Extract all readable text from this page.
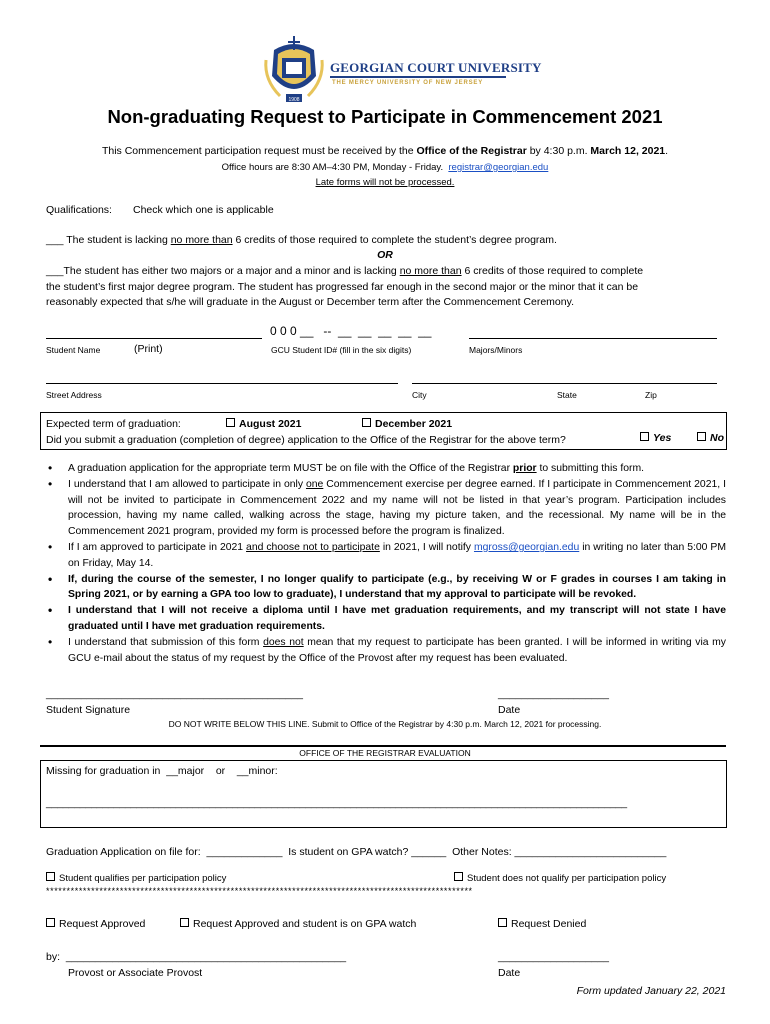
1908
GEORGIAN COURT UNIVERSITY
THE MERCY UNIVERSITY OF NEW JERSEY
Non-graduating Request to Participate in Commencement 2021
This Commencement participation request must be received by the Office of the Registrar by 4:30 p.m. March 12, 2021.
Office hours are 8:30 AM–4:30 PM, Monday - Friday. registrar@georgian.edu
Late forms will not be processed.
Qualifications: Check which one is applicable
___ The student is lacking no more than 6 credits of those required to complete the student’s degree program.
OR
___The student has either two majors or a major and a minor and is lacking no more than 6 credits of those required to complete
the student’s first major degree program. The student has progressed far enough in the second major or the minor that it can be
reasonably expected that s/he will graduate in the August or December term after the Commencement Ceremony.
0 0 0 __   --  __  __  __  __  __
Student Name	(Print)	GCU Student ID# (fill in the six digits)	Majors/Minors
Street Address	City	State	Zip
Expected term of graduation:	August 2021	December 2021
Did you submit a graduation (completion of degree) application to the Office of the Registrar for the above term?	Yes	No
• A graduation application for the appropriate term MUST be on file with the Office of the Registrar prior to submitting this form.
• I understand that I am allowed to participate in only one Commencement exercise per degree earned. If I participate in Commencement 2021, I will not be invited to participate in Commencement 2022 and my name will not be listed in that year’s program. Participation includes procession, having my name called, walking across the stage, having my picture taken, and the recessional. My name will be in the Commencement 2021 program, provided my form is processed before the program is finalized.
• If I am approved to participate in 2021 and choose not to participate in 2021, I will notify mgross@georgian.edu in writing no later than 5:00 PM on Friday, May 14.
• If, during the course of the semester, I no longer qualify to participate (e.g., by receiving W or F grades in courses I am taking in Spring 2021, or by earning a GPA too low to graduate), I understand that my approval to participate will be revoked.
• I understand that I will not receive a diploma until I have met graduation requirements, and my transcript will not state I have graduated until I have met graduation requirements.
• I understand that submission of this form does not mean that my request to participate has been granted. I will be informed in writing via my GCU e-mail about the status of my request by the Office of the Provost after my request has been evaluated.
____________________________________________	___________________
Student Signature	Date
DO NOT WRITE BELOW THIS LINE. Submit to Office of the Registrar by 4:30 p.m. March 12, 2021 for processing.
OFFICE OF THE REGISTRAR EVALUATION
Missing for graduation in  __major    or    __minor:
_______________________________________________________________________________________________________
Graduation Application on file for:  _____________  Is student on GPA watch? ______  Other Notes: __________________________
Student qualifies per participation policy	Student does not qualify per participation policy
********************************************************************************************************
Request Approved	Request Approved and student is on GPA watch	Request Denied
by:  ________________________________________________	___________________
Provost or Associate Provost	Date
Form updated January 22, 2021
